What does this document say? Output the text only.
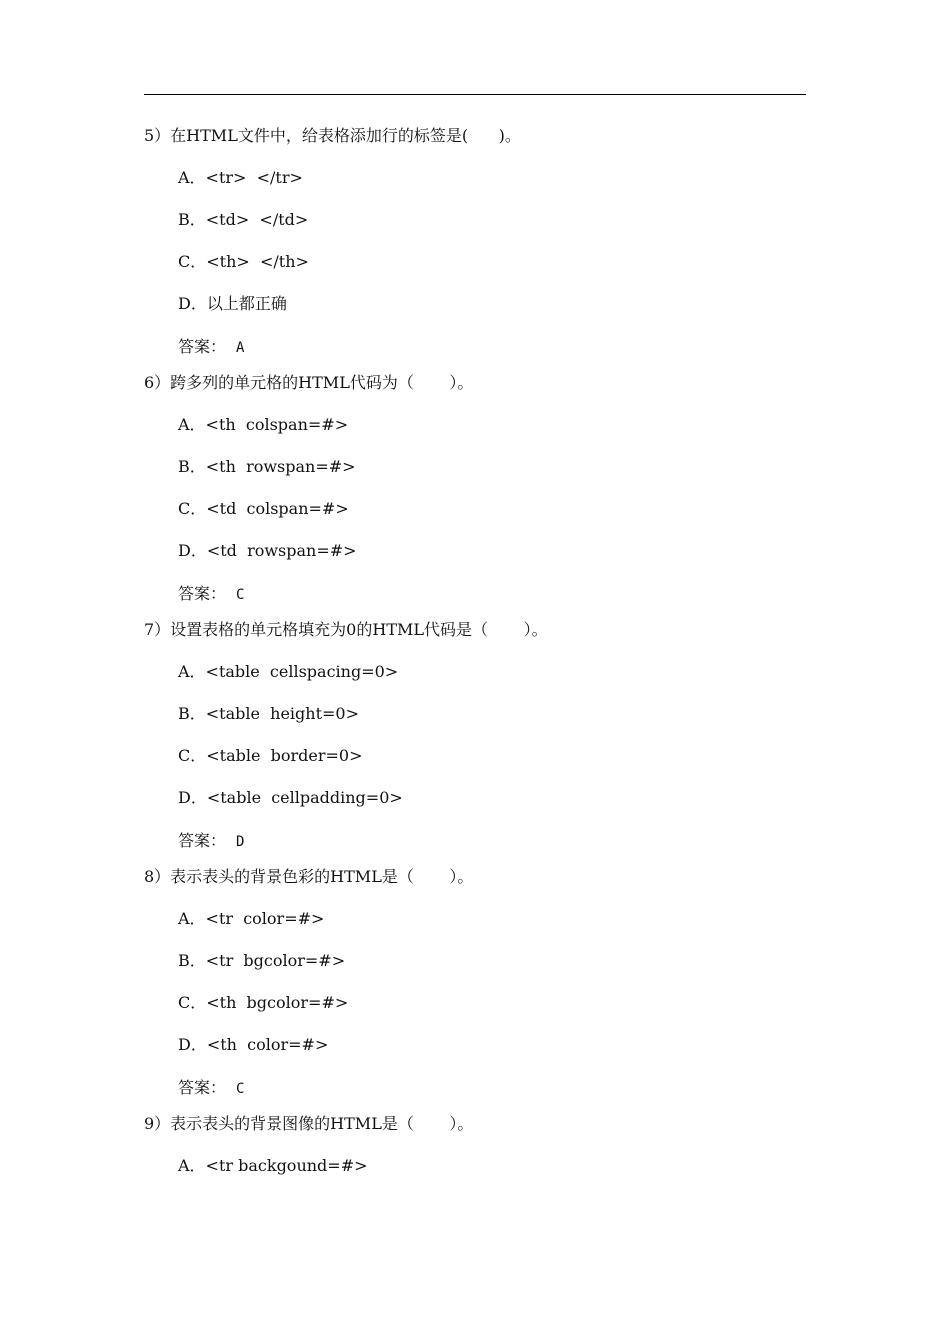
5）在HTML文件中，给表格添加行的标签是(      )。
A．<tr>  </tr>
B．<td>  </td>
C．<th>  </th>
D．以上都正确
答案： A
6）跨多列的单元格的HTML代码为（       ）。
A．<th  colspan=#>
B．<th  rowspan=#>
C．<td  colspan=#>
D．<td  rowspan=#>
答案： C
7）设置表格的单元格填充为0的HTML代码是（       ）。
A．<table  cellspacing=0>
B．<table  height=0>
C．<table  border=0>
D．<table  cellpadding=0>
答案： D
8）表示表头的背景色彩的HTML是（       ）。
A．<tr  color=#>
B．<tr  bgcolor=#>
C．<th  bgcolor=#>
D．<th  color=#>
答案： C
9）表示表头的背景图像的HTML是（       ）。
A．<tr backgound=#>
